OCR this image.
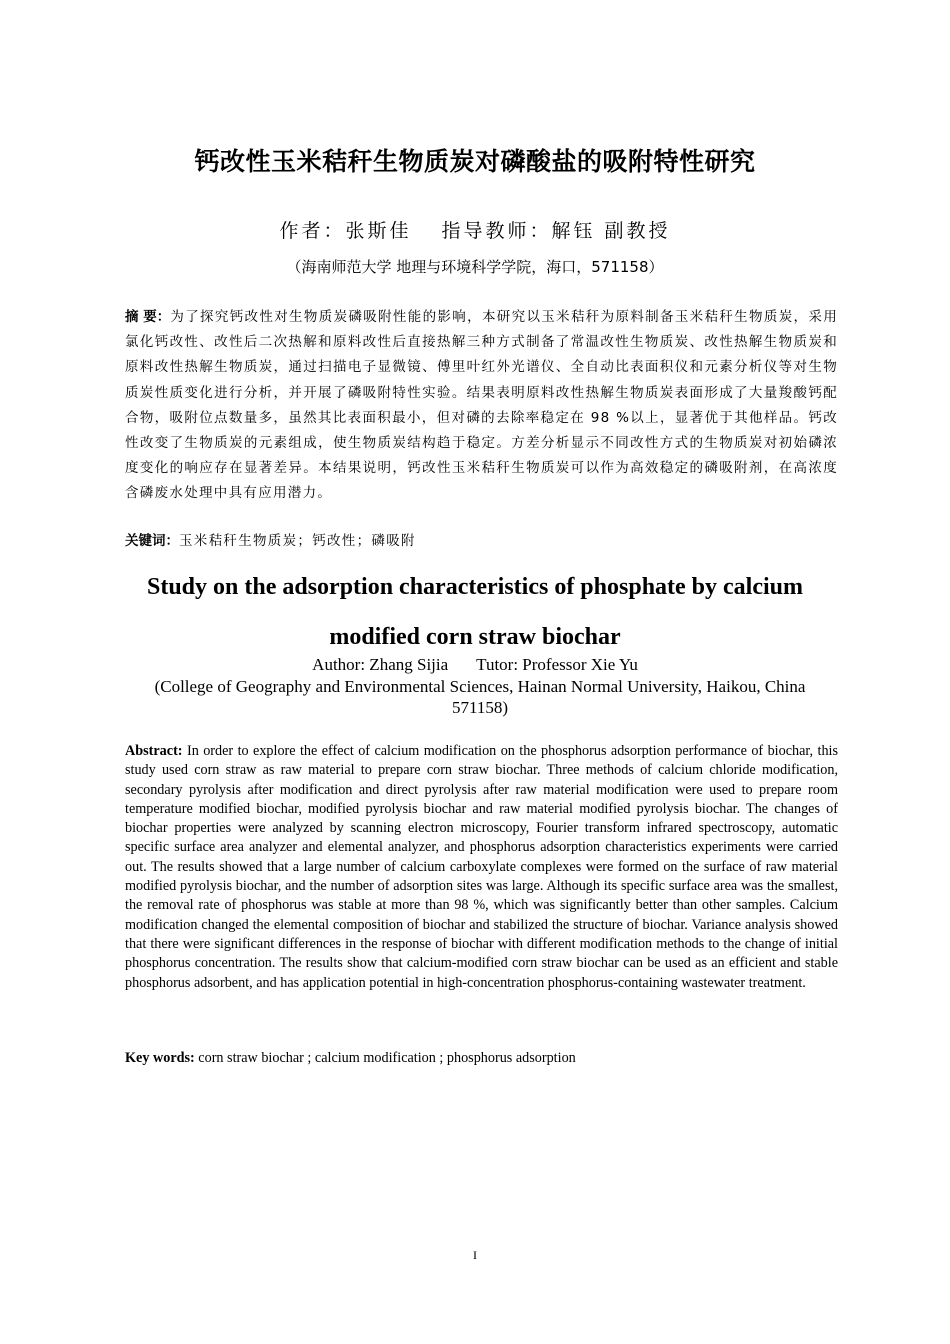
钙改性玉米秸秆生物质炭对磷酸盐的吸附特性研究
作者：张斯佳 指导教师：解钰 副教授
（海南师范大学 地理与环境科学学院，海口，571158）
摘 要：为了探究钙改性对生物质炭磷吸附性能的影响，本研究以玉米秸秆为原料制备玉米秸秆生物质炭，采用氯化钙改性、改性后二次热解和原料改性后直接热解三种方式制备了常温改性生物质炭、改性热解生物质炭和原料改性热解生物质炭，通过扫描电子显微镜、傅里叶红外光谱仪、全自动比表面积仪和元素分析仪等对生物质炭性质变化进行分析，并开展了磷吸附特性实验。结果表明原料改性热解生物质炭表面形成了大量羧酸钙配合物，吸附位点数量多，虽然其比表面积最小，但对磷的去除率稳定在 98 %以上，显著优于其他样品。钙改性改变了生物质炭的元素组成，使生物质炭结构趋于稳定。方差分析显示不同改性方式的生物质炭对初始磷浓度变化的响应存在显著差异。本结果说明，钙改性玉米秸秆生物质炭可以作为高效稳定的磷吸附剂，在高浓度含磷废水处理中具有应用潜力。
关键词：玉米秸秆生物质炭；钙改性；磷吸附
Study on the adsorption characteristics of phosphate by calcium modified corn straw biochar
Author: Zhang Sijia Tutor: Professor Xie Yu
(College of Geography and Environmental Sciences, Hainan Normal University, Haikou, China 571158)
Abstract: In order to explore the effect of calcium modification on the phosphorus adsorption performance of biochar, this study used corn straw as raw material to prepare corn straw biochar. Three methods of calcium chloride modification, secondary pyrolysis after modification and direct pyrolysis after raw material modification were used to prepare room temperature modified biochar, modified pyrolysis biochar and raw material modified pyrolysis biochar. The changes of biochar properties were analyzed by scanning electron microscopy, Fourier transform infrared spectroscopy, automatic specific surface area analyzer and elemental analyzer, and phosphorus adsorption characteristics experiments were carried out. The results showed that a large number of calcium carboxylate complexes were formed on the surface of raw material modified pyrolysis biochar, and the number of adsorption sites was large. Although its specific surface area was the smallest, the removal rate of phosphorus was stable at more than 98 %, which was significantly better than other samples. Calcium modification changed the elemental composition of biochar and stabilized the structure of biochar. Variance analysis showed that there were significant differences in the response of biochar with different modification methods to the change of initial phosphorus concentration. The results show that calcium-modified corn straw biochar can be used as an efficient and stable phosphorus adsorbent, and has application potential in high-concentration phosphorus-containing wastewater treatment.
Key words: corn straw biochar ; calcium modification ; phosphorus adsorption
I
